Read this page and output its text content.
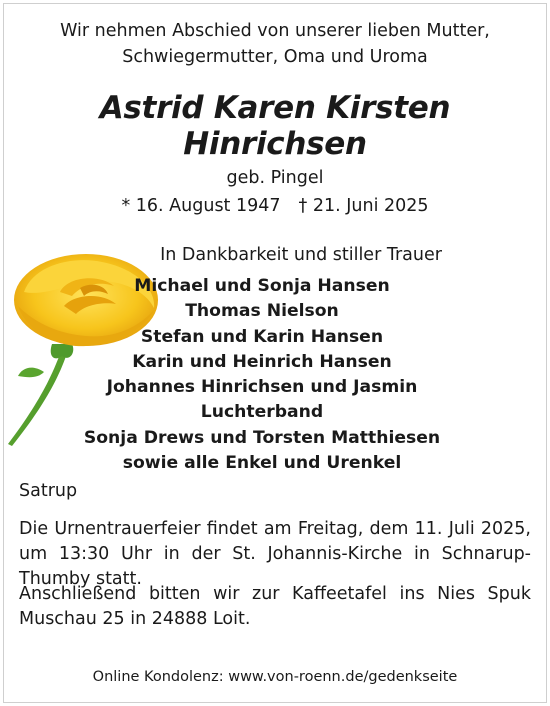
Wir nehmen Abschied von unserer lieben Mutter,
Schwiegermutter, Oma und Uroma
Astrid Karen Kirsten
Hinrichsen
geb. Pingel
* 16. August 1947 † 21. Juni 2025
In Dankbarkeit und stiller Trauer
Michael und Sonja Hansen
Thomas Nielson
Stefan und Karin Hansen
Karin und Heinrich Hansen
Johannes Hinrichsen und Jasmin Luchterband
Sonja Drews und Torsten Matthiesen
sowie alle Enkel und Urenkel
Satrup
Die Urnentrauerfeier findet am Freitag, dem 11. Juli 2025, um 13:30 Uhr in der St. Johannis-Kirche in Schnarup-Thumby statt.
Anschließend bitten wir zur Kaffeetafel ins Nies Spuk Muschau 25 in 24888 Loit.
Online Kondolenz: www.von-roenn.de/gedenkseite
